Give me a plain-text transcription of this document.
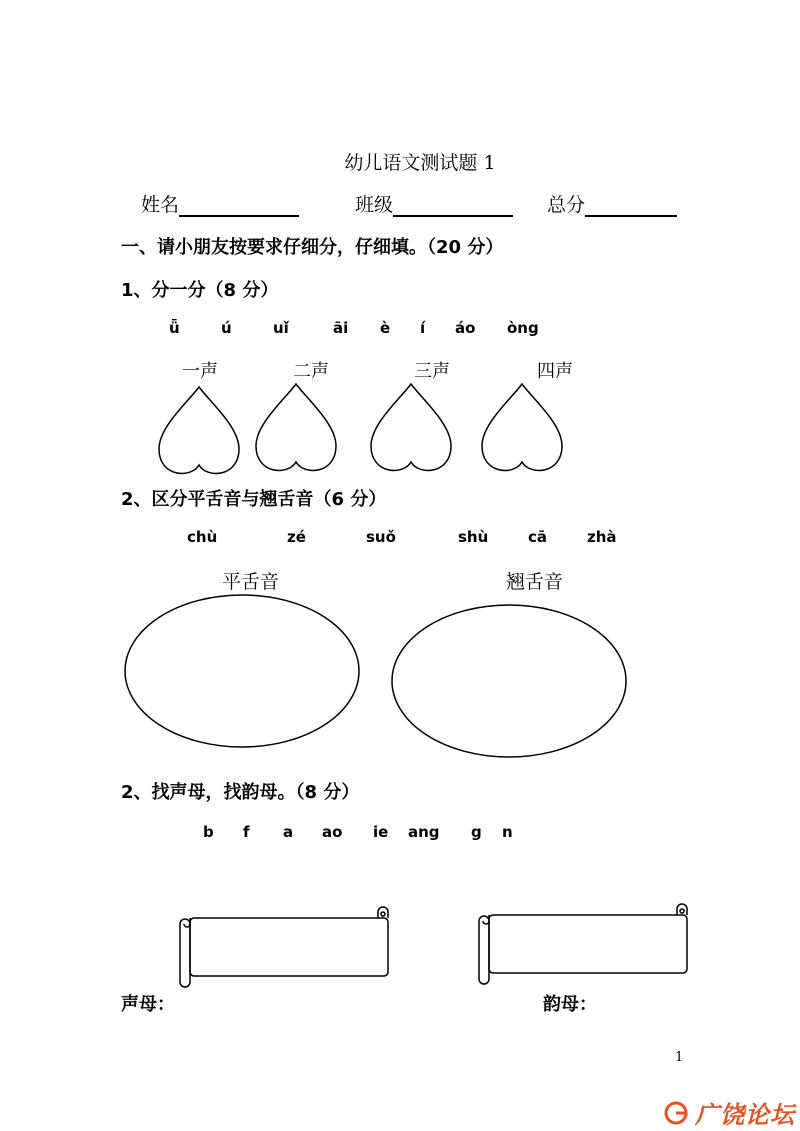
幼儿语文测试题 1
姓名	班级	总分
一、请小朋友按要求仔细分，仔细填。（20 分）
1、分一分（8 分）
ǖ	ú	uǐ	āi è í áo òng
一声	二声	三声	四声
2、区分平舌音与翘舌音（6 分）
chù	zé	suǒ	shù	cā	zhà
平舌音	翘舌音
2、找声母，找韵母。（8 分）
b f a ao ie ang g n
声母：	韵母：
1
广饶论坛
